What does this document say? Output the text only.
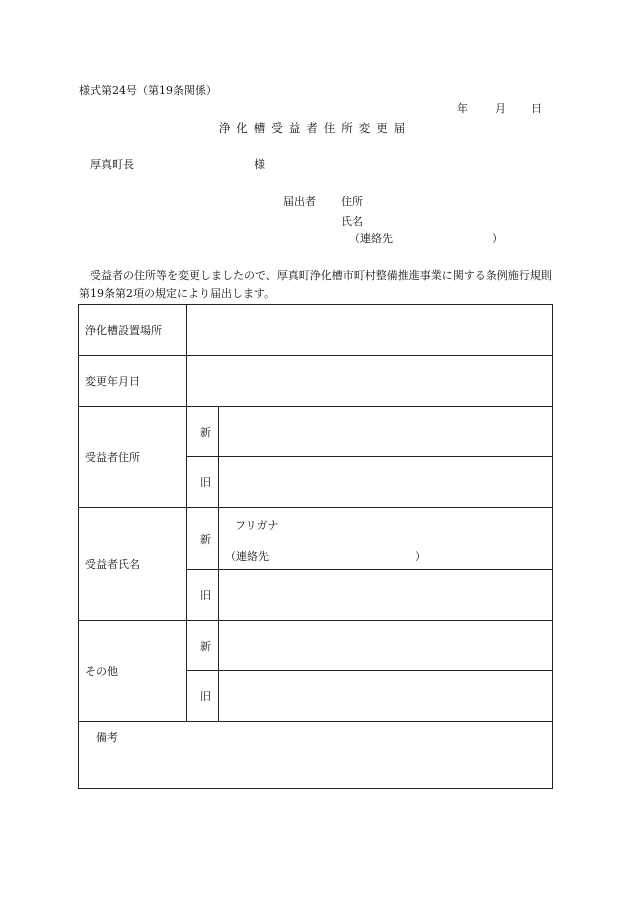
様式第24号（第19条関係）
年 月 日
浄化槽受益者住所変更届
厚真町長	様
届出者 住所
氏名
（連絡先	）
受益者の住所等を変更しましたので、厚真町浄化槽市町村整備推進事業に関する条例施行規則第19条第2項の規定により届出します。
浄化槽設置場所		
変更年月日		
受益者住所	新	
	旧	
受益者氏名	新	フリガナ
（連絡先 ）

	旧	
その他	新	
	旧	

備考		
